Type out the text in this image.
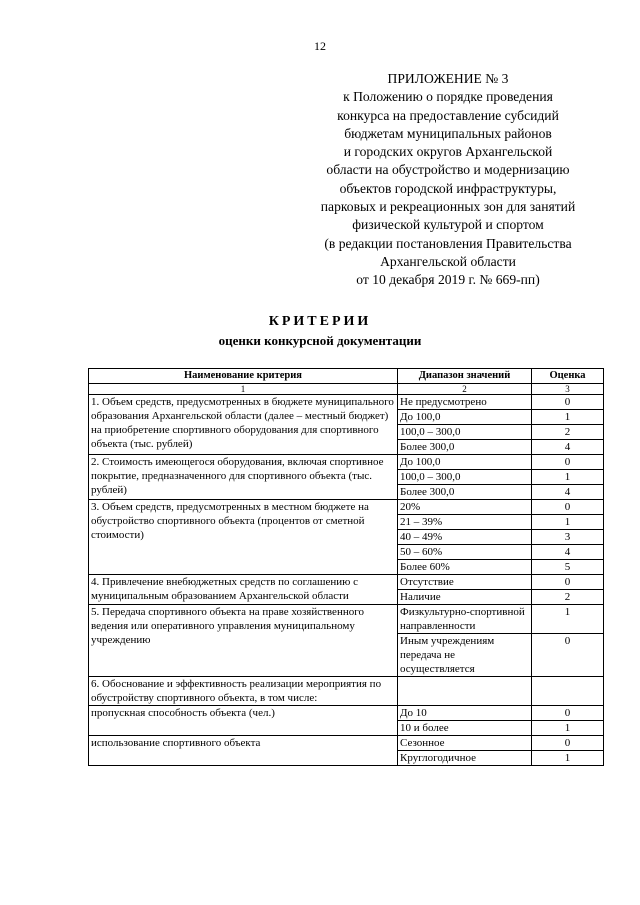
12
ПРИЛОЖЕНИЕ № 3
к Положению о порядке проведения
конкурса на предоставление субсидий
бюджетам муниципальных районов
и городских округов Архангельской
области на обустройство и модернизацию
объектов городской инфраструктуры,
парковых и рекреационных зон для занятий
физической культурой и спортом
(в редакции постановления Правительства
Архангельской области
от 10 декабря 2019 г. № 669-пп)
КРИТЕРИИ
оценки конкурсной документации
Наименование критерия	Диапазон значений	Оценка
1	2	3
1. Объем средств, предусмотренных в бюджете муниципального образования Архангельской области (далее – местный бюджет) на приобретение спортивного оборудования для спортивного объекта (тыс. рублей)	Не предусмотрено	0
	До 100,0	1
	100,0 – 300,0	2
	Более 300,0	4
2. Стоимость имеющегося оборудования, включая спортивное покрытие, предназначенного для спортивного объекта (тыс. рублей)	До 100,0	0
	100,0 – 300,0	1
	Более 300,0	4
3. Объем средств, предусмотренных в местном бюджете на обустройство спортивного объекта (процентов от сметной стоимости)	20%	0
	21 – 39%	1
	40 – 49%	3
	50 – 60%	4
	Более 60%	5
4. Привлечение внебюджетных средств по соглашению с муниципальным образованием Архангельской области	Отсутствие	0
	Наличие	2
5. Передача спортивного объекта на праве хозяйственного ведения или оперативного управления муниципальному учреждению	Физкультурно-спортивной направленности	1
	Иным учреждениям передача не осуществляется	0
6. Обоснование и эффективность реализации мероприятия по обустройству спортивного объекта, в том числе:		
пропускная способность объекта (чел.)	До 10	0
	10 и более	1
использование спортивного объекта	Сезонное	0
	Круглогодичное	1
